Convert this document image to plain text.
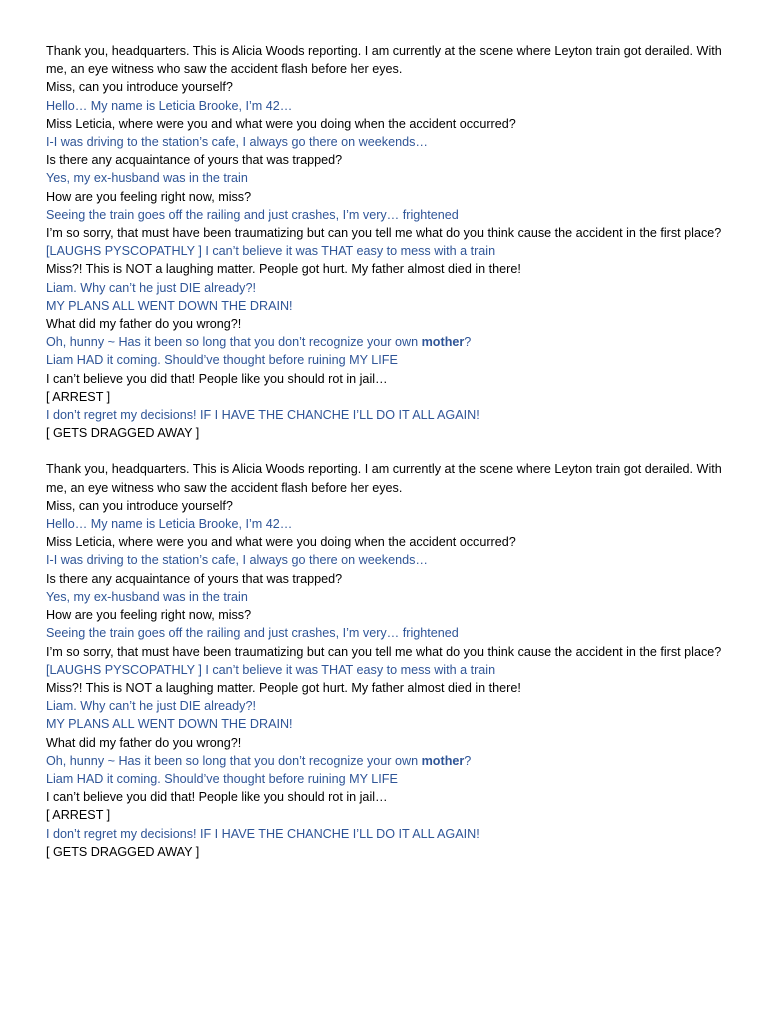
Thank you, headquarters. This is Alicia Woods reporting. I am currently at the scene where Leyton train got derailed. With me, an eye witness who saw the accident flash before her eyes.
Miss, can you introduce yourself?
Hello… My name is Leticia Brooke, I’m 42…
Miss Leticia, where were you and what were you doing when the accident occurred?
I-I was driving to the station’s cafe, I always go there on weekends…
Is there any acquaintance of yours that was trapped?
Yes, my ex-husband was in the train
How are you feeling right now, miss?
Seeing the train goes off the railing and just crashes, I’m very… frightened
I’m so sorry, that must have been traumatizing but can you tell me what do you think cause the accident in the first place?
[LAUGHS PYSCOPATHLY ] I can’t believe it was THAT easy to mess with a train
Miss?! This is NOT a laughing matter. People got hurt. My father almost died in there!
Liam. Why can’t he just DIE already?!
MY PLANS ALL WENT DOWN THE DRAIN!
What did my father do you wrong?!
Oh, hunny ~ Has it been so long that you don’t recognize your own mother?
Liam HAD it coming. Should’ve thought before ruining MY LIFE
I can’t believe you did that! People like you should rot in jail…
[ ARREST ]
I don’t regret my decisions! IF I HAVE THE CHANCHE I’LL DO IT ALL AGAIN!
[ GETS DRAGGED AWAY ]
Thank you, headquarters. This is Alicia Woods reporting. I am currently at the scene where Leyton train got derailed. With me, an eye witness who saw the accident flash before her eyes.
Miss, can you introduce yourself?
Hello… My name is Leticia Brooke, I’m 42…
Miss Leticia, where were you and what were you doing when the accident occurred?
I-I was driving to the station’s cafe, I always go there on weekends…
Is there any acquaintance of yours that was trapped?
Yes, my ex-husband was in the train
How are you feeling right now, miss?
Seeing the train goes off the railing and just crashes, I’m very… frightened
I’m so sorry, that must have been traumatizing but can you tell me what do you think cause the accident in the first place?
[LAUGHS PYSCOPATHLY ] I can’t believe it was THAT easy to mess with a train
Miss?! This is NOT a laughing matter. People got hurt. My father almost died in there!
Liam. Why can’t he just DIE already?!
MY PLANS ALL WENT DOWN THE DRAIN!
What did my father do you wrong?!
Oh, hunny ~ Has it been so long that you don’t recognize your own mother?
Liam HAD it coming. Should’ve thought before ruining MY LIFE
I can’t believe you did that! People like you should rot in jail…
[ ARREST ]
I don’t regret my decisions! IF I HAVE THE CHANCHE I’LL DO IT ALL AGAIN!
[ GETS DRAGGED AWAY ]
